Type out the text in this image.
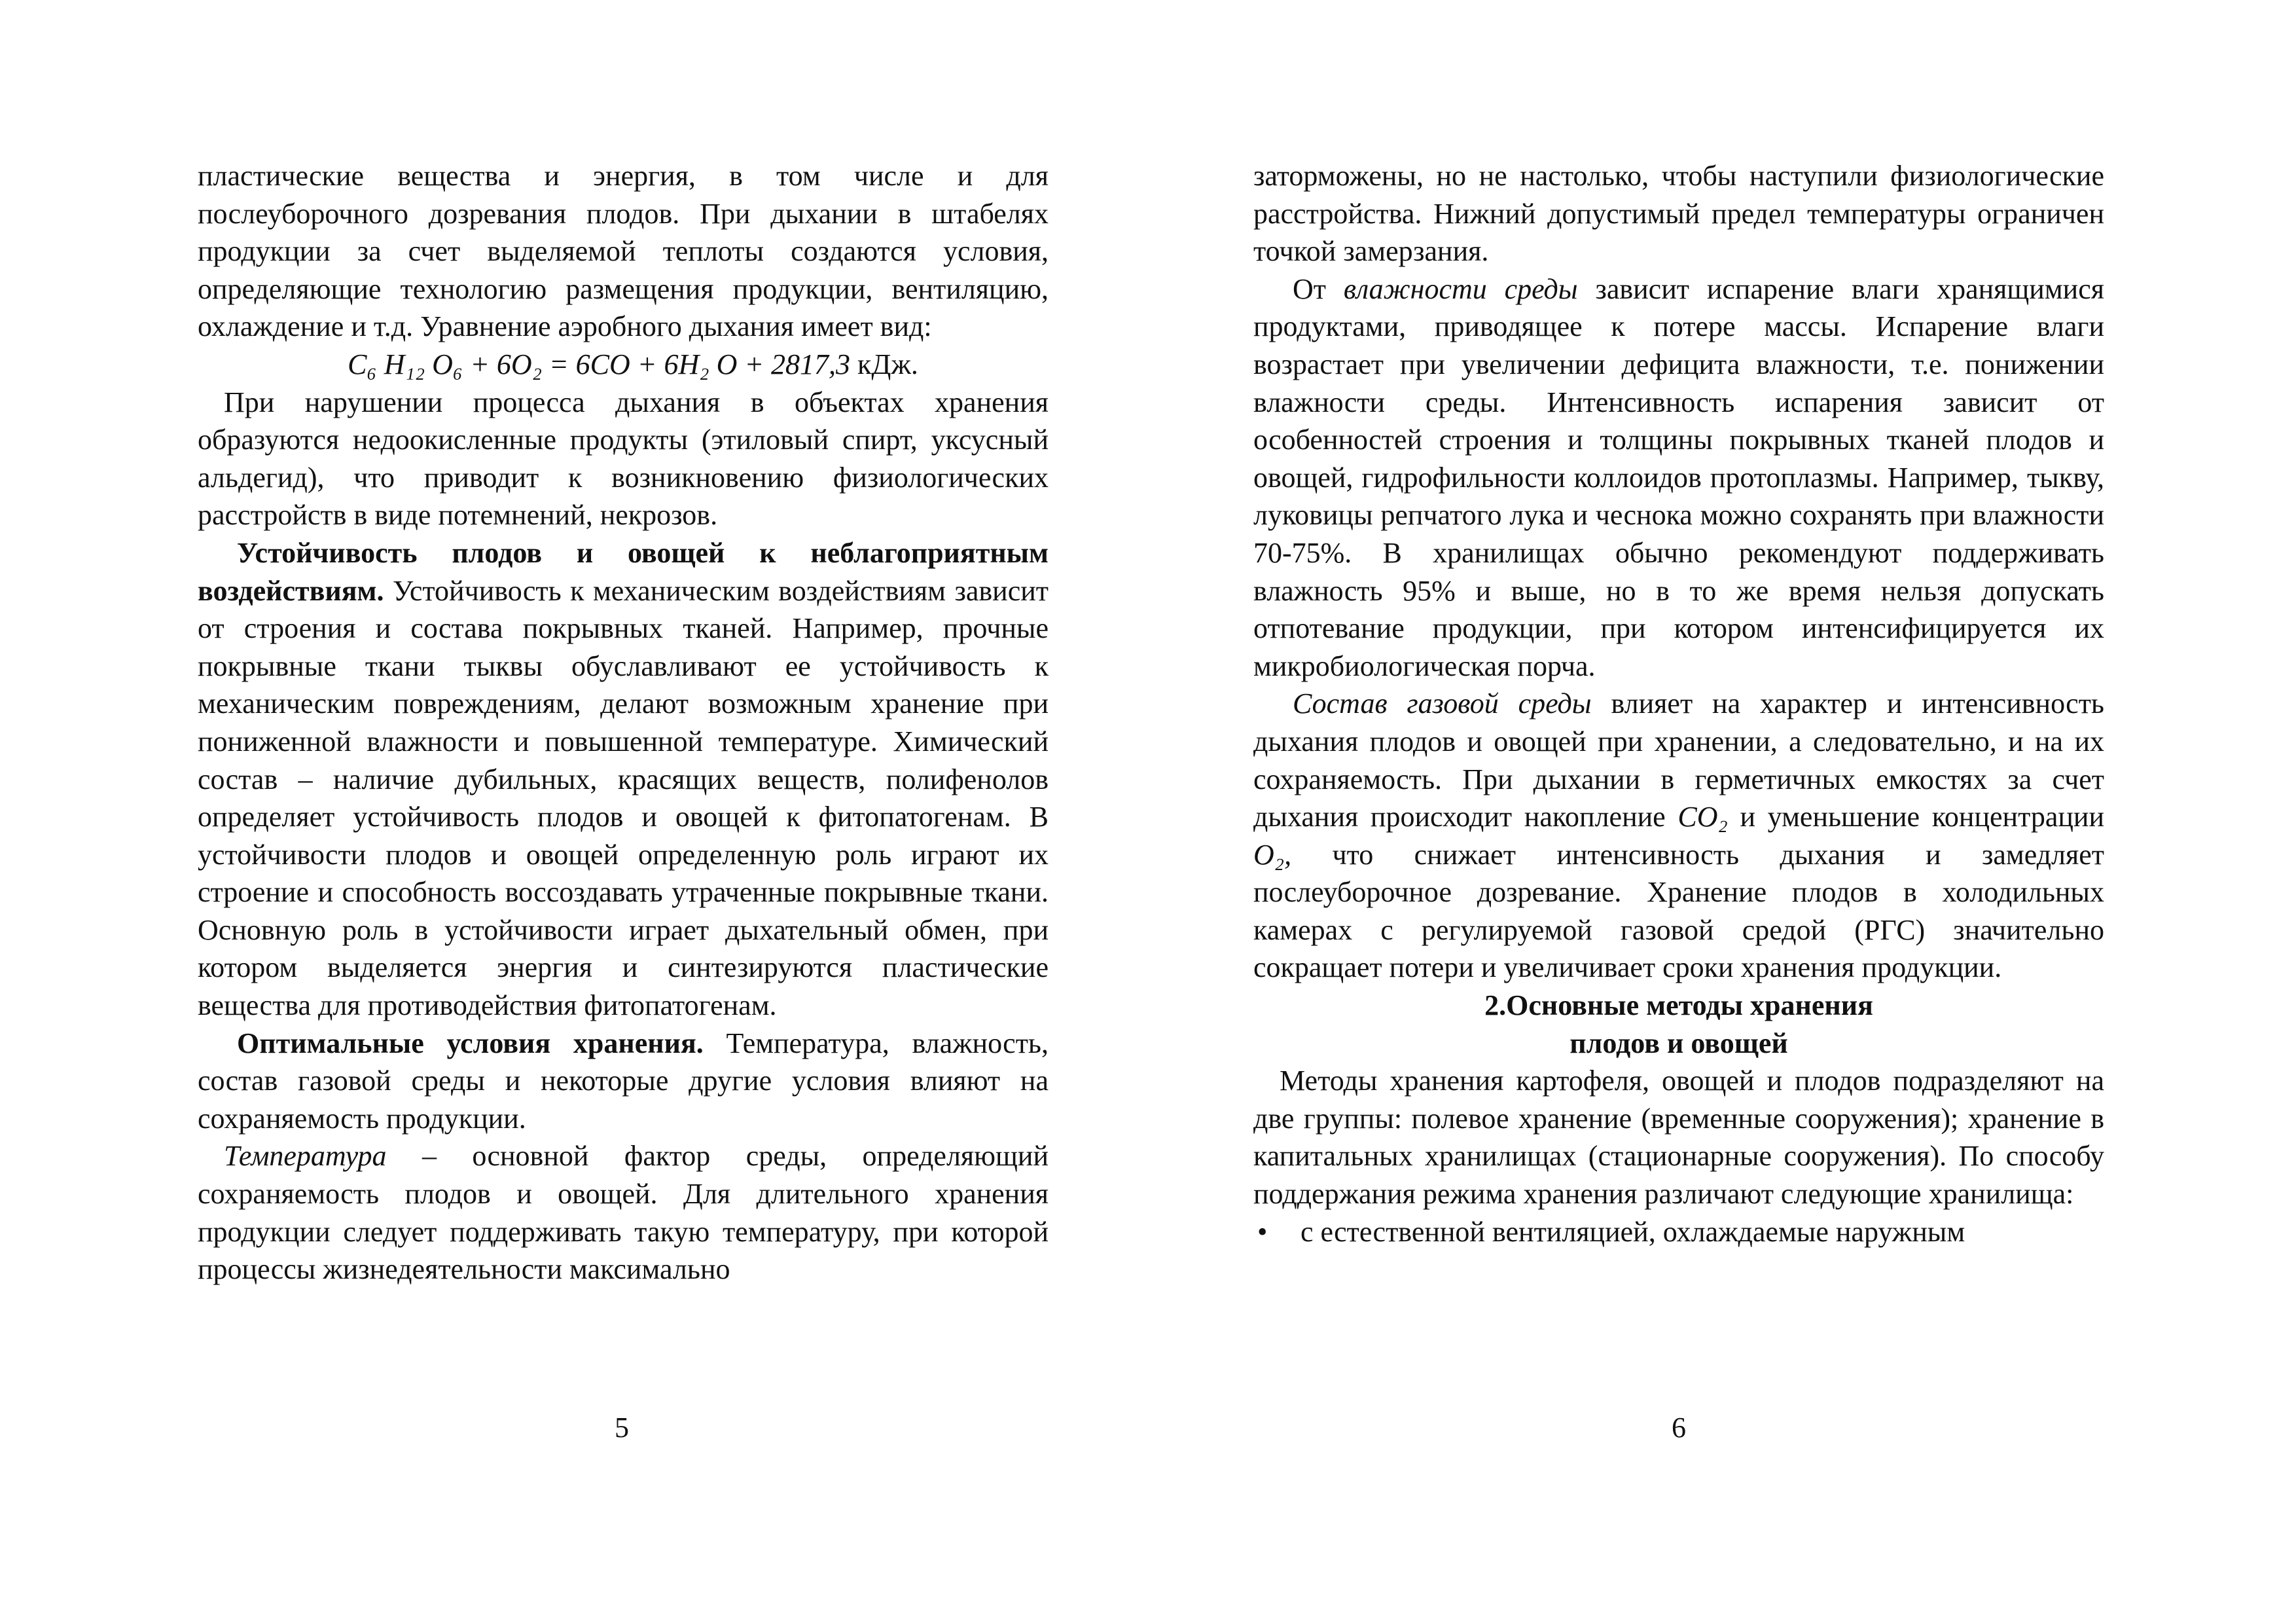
пластические вещества и энергия, в том числе и для послеуборочного дозревания плодов. При дыхании в штабелях продукции за счет выделяемой теплоты создаются условия, определяющие технологию размещения продукции, вентиляцию, охлаждение и т.д. Уравнение аэробного дыхания имеет вид:

C₆ H₁₂ O₆ + 6O₂ = 6CO + 6H₂ O + 2817,3 кДж.

При нарушении процесса дыхания в объектах хранения образуются недоокисленные продукты (этиловый спирт, уксусный альдегид), что приводит к возникновению физиологических расстройств в виде потемнений, некрозов.

Устойчивость плодов и овощей к неблагоприятным воздействиям. Устойчивость к механическим воздействиям зависит от строения и состава покрывных тканей. Например, прочные покрывные ткани тыквы обуславливают ее устойчивость к механическим повреждениям, делают возможным хранение при пониженной влажности и повышенной температуре. Химический состав – наличие дубильных, красящих веществ, полифенолов определяет устойчивость плодов и овощей к фитопатогенам. В устойчивости плодов и овощей определенную роль играют их строение и способность воссоздавать утраченные покрывные ткани. Основную роль в устойчивости играет дыхательный обмен, при котором выделяется энергия и синтезируются пластические вещества для противодействия фитопатогенам.

Оптимальные условия хранения. Температура, влажность, состав газовой среды и некоторые другие условия влияют на сохраняемость продукции.

Температура – основной фактор среды, определяющий сохраняемость плодов и овощей. Для длительного хранения продукции следует поддерживать такую температуру, при которой процессы жизнедеятельности максимально

5

заторможены, но не настолько, чтобы наступили физиологические расстройства. Нижний допустимый предел температуры ограничен точкой замерзания.

От влажности среды зависит испарение влаги хранящимися продуктами, приводящее к потере массы. Испарение влаги возрастает при увеличении дефицита влажности, т.е. понижении влажности среды. Интенсивность испарения зависит от особенностей строения и толщины покрывных тканей плодов и овощей, гидрофильности коллоидов протоплазмы. Например, тыкву, луковицы репчатого лука и чеснока можно сохранять при влажности 70-75%. В хранилищах обычно рекомендуют поддерживать влажность 95% и выше, но в то же время нельзя допускать отпотевание продукции, при котором интенсифицируется их микробиологическая порча.

Состав газовой среды влияет на характер и интенсивность дыхания плодов и овощей при хранении, а следовательно, и на их сохраняемость. При дыхании в герметичных емкостях за счет дыхания происходит накопление CO₂ и уменьшение концентрации O₂, что снижает интенсивность дыхания и замедляет послеуборочное дозревание. Хранение плодов в холодильных камерах с регулируемой газовой средой (РГС) значительно сокращает потери и увеличивает сроки хранения продукции.

2.Основные методы хранения

плодов и овощей

Методы хранения картофеля, овощей и плодов подразделяют на две группы: полевое хранение (временные сооружения); хранение в капитальных хранилищах (стационарные сооружения). По способу поддержания режима хранения различают следующие хранилища:

• с естественной вентиляцией, охлаждаемые наружным
6
